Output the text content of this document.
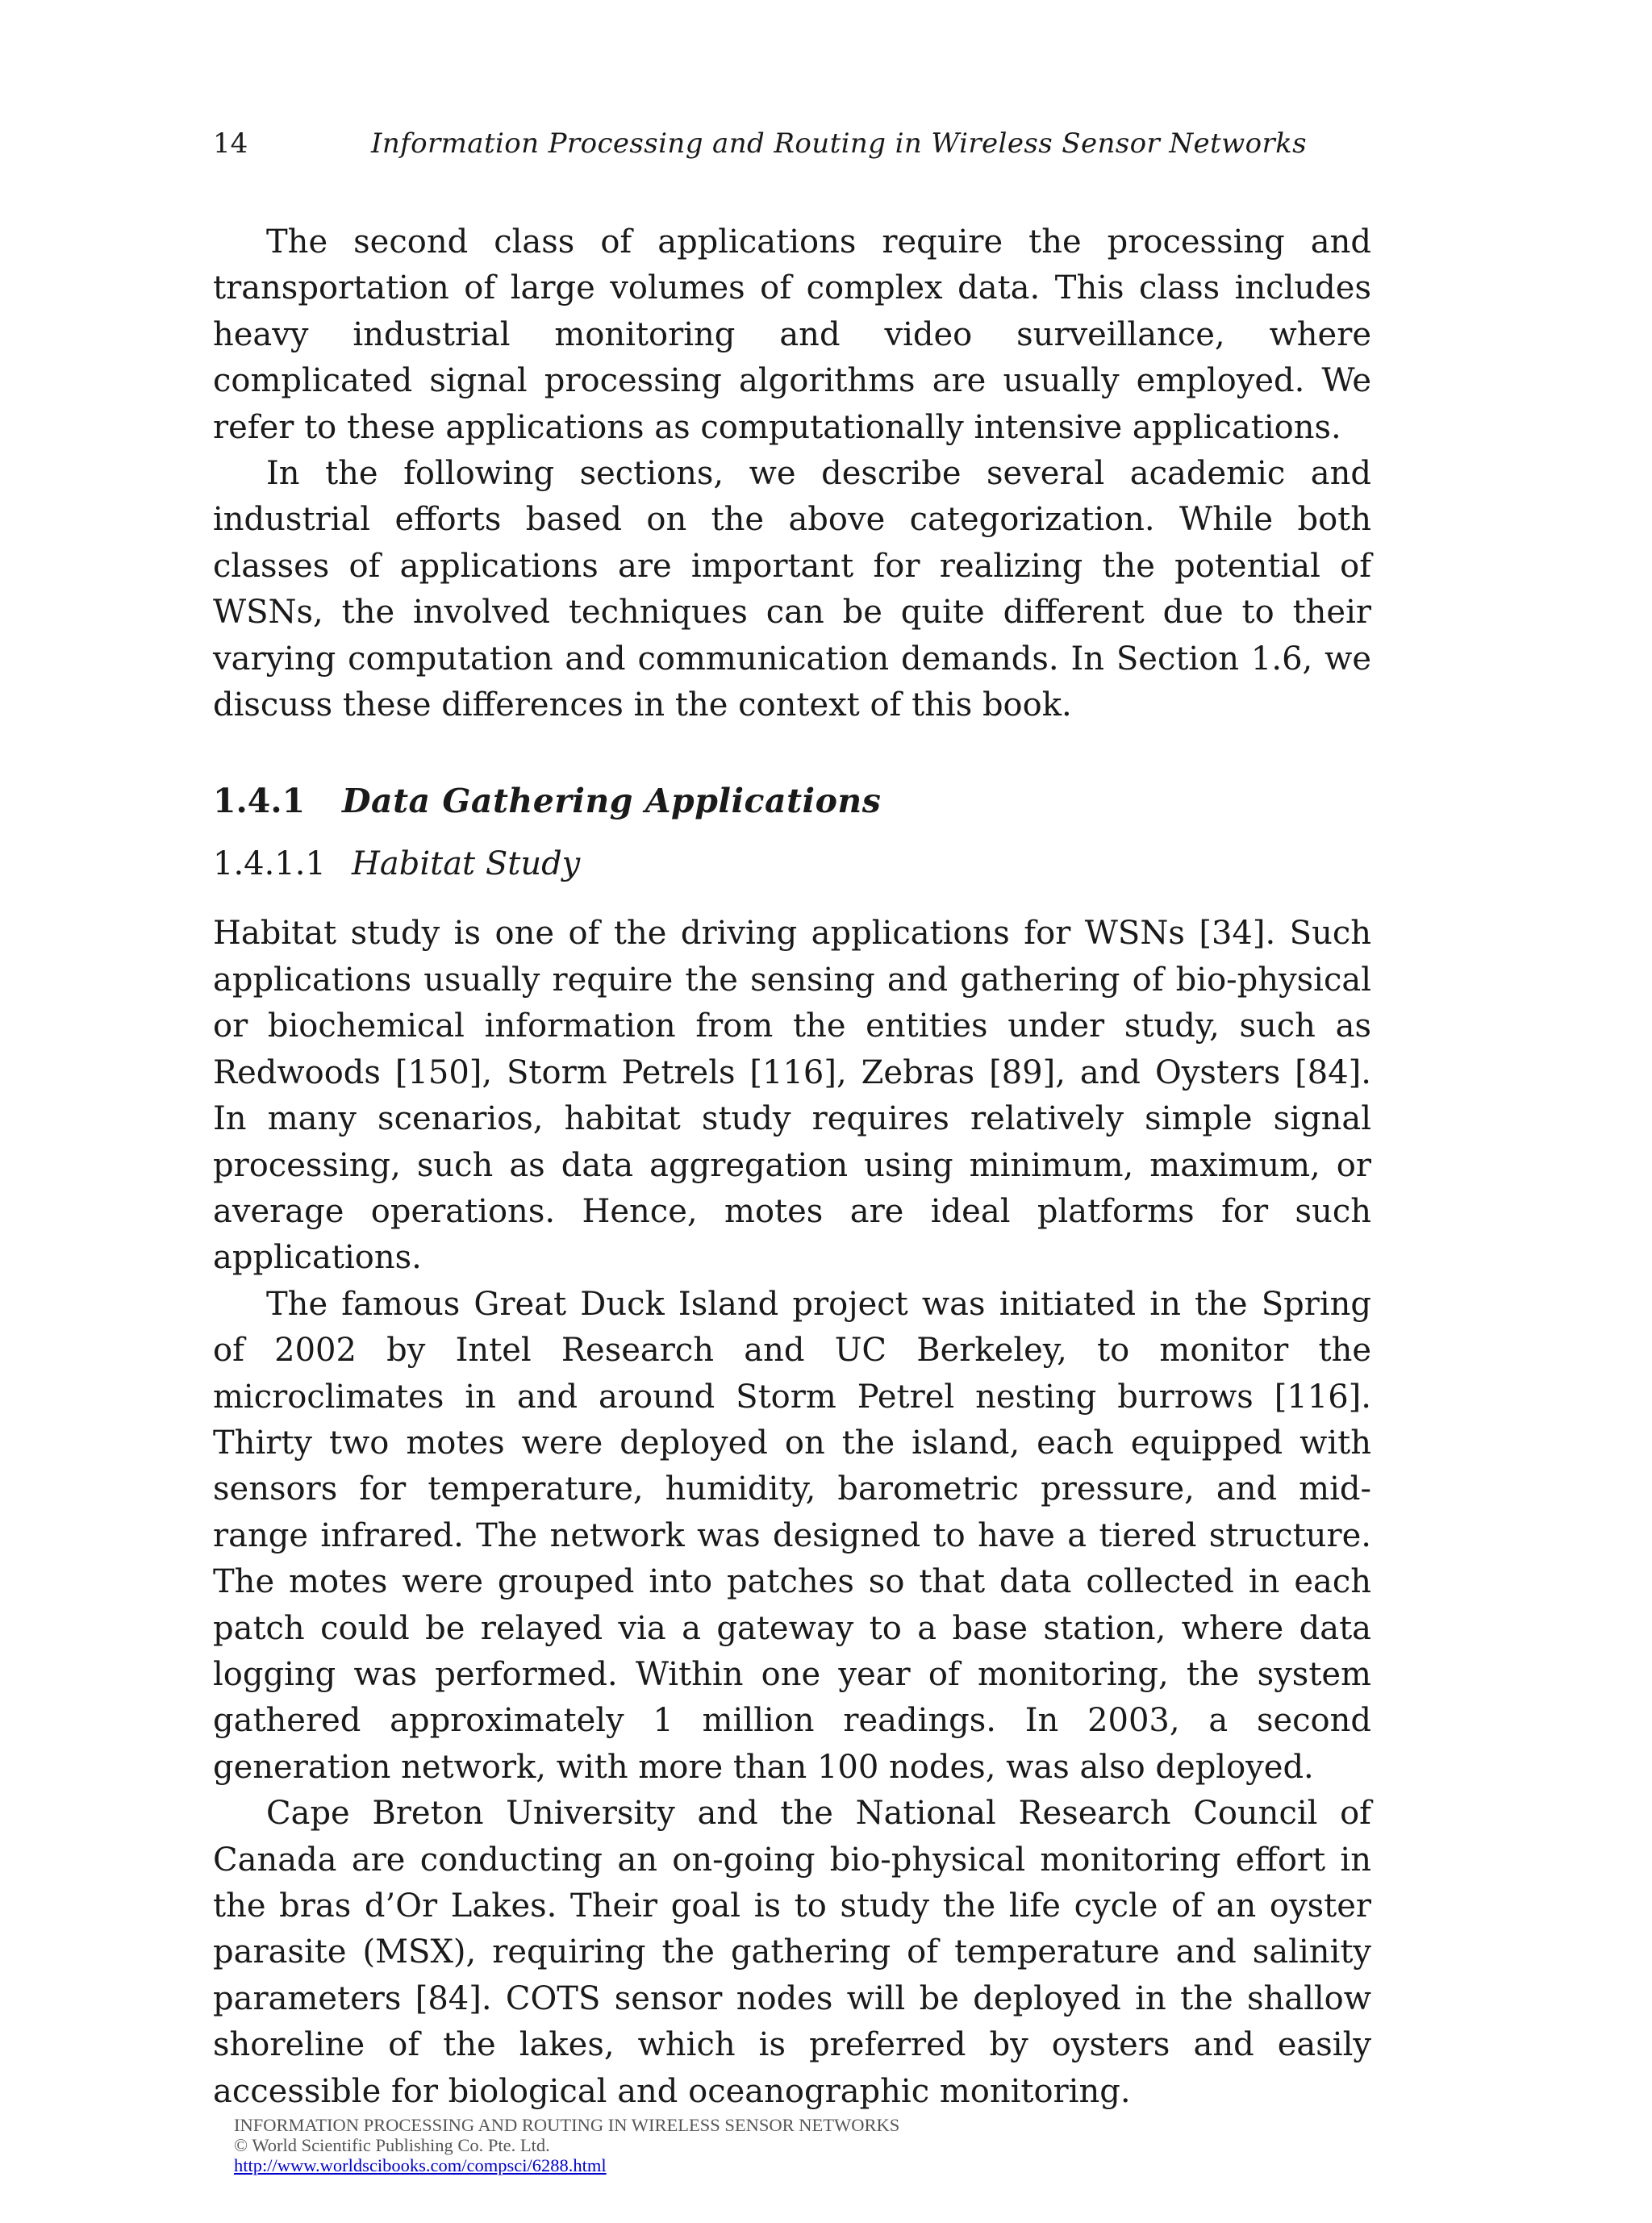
14	Information Processing and Routing in Wireless Sensor Networks

The second class of applications require the processing and transportation of large volumes of complex data. This class includes heavy industrial monitoring and video surveillance, where complicated signal processing algorithms are usually employed. We refer to these applications as computationally intensive applications.

In the following sections, we describe several academic and industrial efforts based on the above categorization. While both classes of applications are important for realizing the potential of WSNs, the involved techniques can be quite different due to their varying computation and communication demands. In Section 1.6, we discuss these differences in the context of this book.

1.4.1 Data Gathering Applications
1.4.1.1 Habitat Study

Habitat study is one of the driving applications for WSNs [34]. Such applications usually require the sensing and gathering of bio-physical or biochemical information from the entities under study, such as Redwoods [150], Storm Petrels [116], Zebras [89], and Oysters [84]. In many scenarios, habitat study requires relatively simple signal processing, such as data aggregation using minimum, maximum, or average operations. Hence, motes are ideal platforms for such applications.

The famous Great Duck Island project was initiated in the Spring of 2002 by Intel Research and UC Berkeley, to monitor the microclimates in and around Storm Petrel nesting burrows [116]. Thirty two motes were deployed on the island, each equipped with sensors for temperature, humidity, barometric pressure, and mid-range infrared. The network was designed to have a tiered structure. The motes were grouped into patches so that data collected in each patch could be relayed via a gateway to a base station, where data logging was performed. Within one year of monitoring, the system gathered approximately 1 million readings. In 2003, a second generation network, with more than 100 nodes, was also deployed.

Cape Breton University and the National Research Council of Canada are conducting an on-going bio-physical monitoring effort in the bras d’Or Lakes. Their goal is to study the life cycle of an oyster parasite (MSX), requiring the gathering of temperature and salinity parameters [84]. COTS sensor nodes will be deployed in the shallow shoreline of the lakes, which is preferred by oysters and easily accessible for biological and oceanographic monitoring.

INFORMATION PROCESSING AND ROUTING IN WIRELESS SENSOR NETWORKS
© World Scientific Publishing Co. Pte. Ltd.
http://www.worldscibooks.com/compsci/6288.html
